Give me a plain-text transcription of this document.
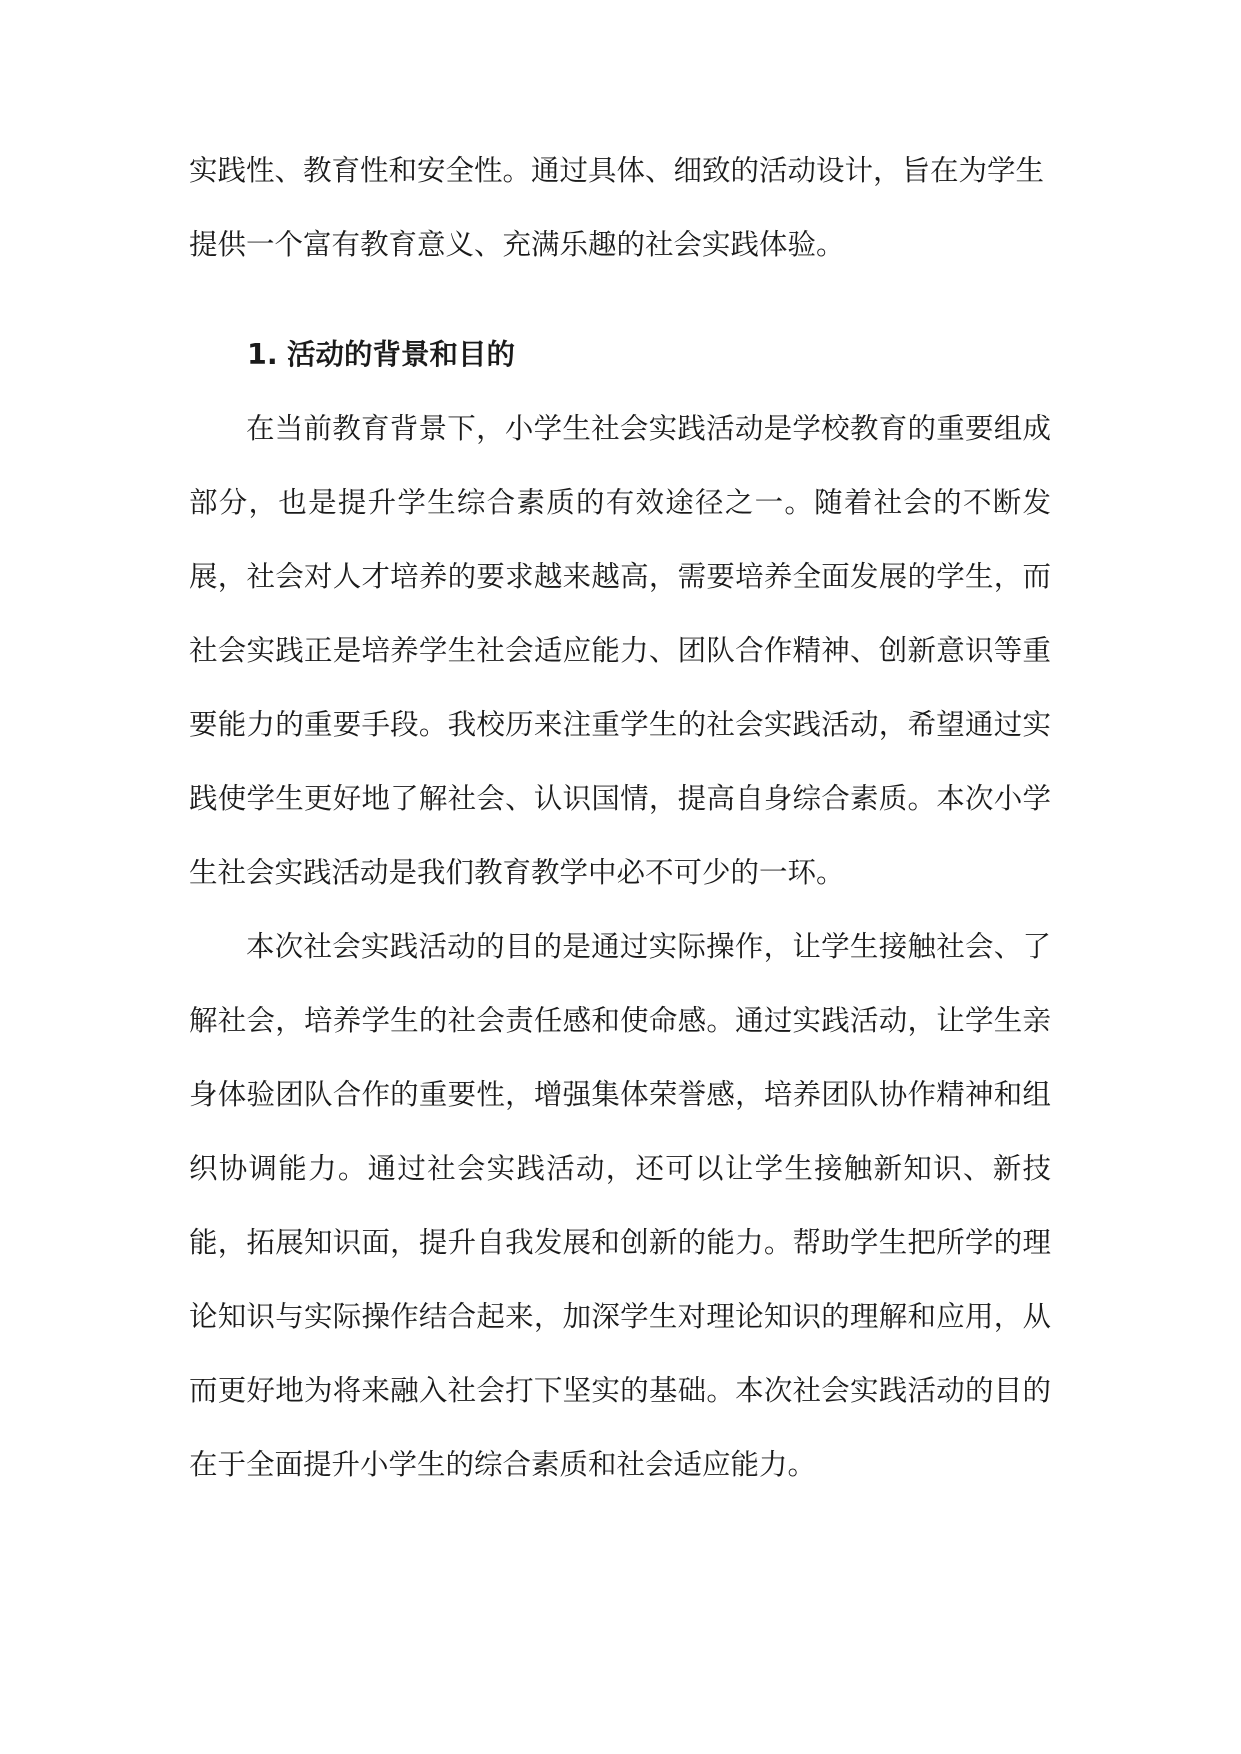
实践性、教育性和安全性。通过具体、细致的活动设计，旨在为学生

提供一个富有教育意义、充满乐趣的社会实践体验。

1. 活动的背景和目的

在当前教育背景下，小学生社会实践活动是学校教育的重要组成部分，也是提升学生综合素质的有效途径之一。随着社会的不断发展，社会对人才培养的要求越来越高，需要培养全面发展的学生，而社会实践正是培养学生社会适应能力、团队合作精神、创新意识等重要能力的重要手段。我校历来注重学生的社会实践活动，希望通过实践使学生更好地了解社会、认识国情，提高自身综合素质。本次小学生社会实践活动是我们教育教学中必不可少的一环。

本次社会实践活动的目的是通过实际操作，让学生接触社会、了解社会，培养学生的社会责任感和使命感。通过实践活动，让学生亲身体验团队合作的重要性，增强集体荣誉感，培养团队协作精神和组织协调能力。通过社会实践活动，还可以让学生接触新知识、新技能，拓展知识面，提升自我发展和创新的能力。帮助学生把所学的理论知识与实际操作结合起来，加深学生对理论知识的理解和应用，从而更好地为将来融入社会打下坚实的基础。本次社会实践活动的目的在于全面提升小学生的综合素质和社会适应能力。
